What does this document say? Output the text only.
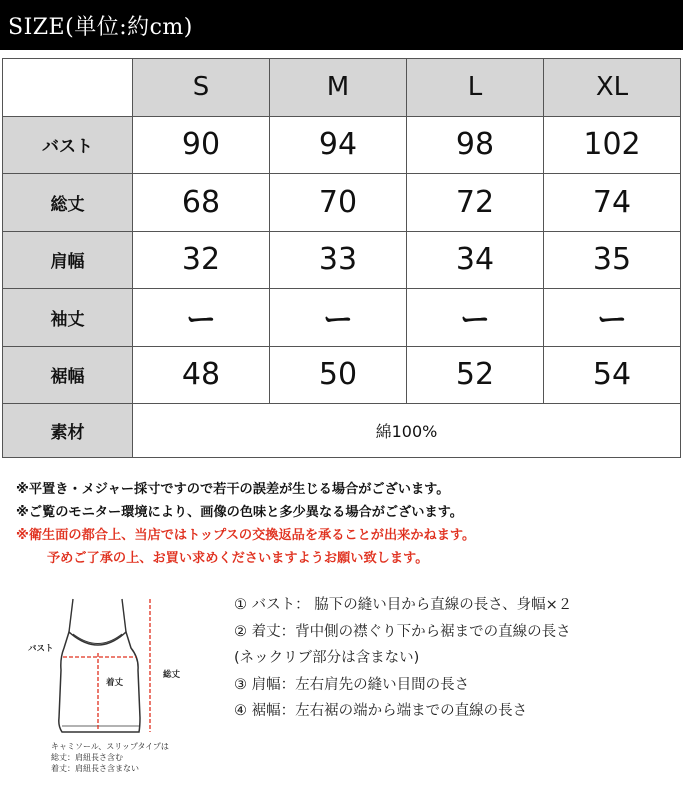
SIZE(単位:約cm)
	S	M	L	XL
バスト	90	94	98	102
総丈	68	70	72	74
肩幅	32	33	34	35
袖丈	ー	ー	ー	ー
裾幅	48	50	52	54
素材	綿100%			
※平置き・メジャー採寸ですので若干の誤差が生じる場合がございます。
※ご覧のモニター環境により、画像の色味と多少異なる場合がございます。
※衛生面の都合上、当店ではトップスの交換返品を承ることが出来かねます。
予めご了承の上、お買い求めくださいますようお願い致します。
バスト
着丈
総丈
キャミソール、スリップタイプは
総丈：肩紐長さ含む
着丈：肩紐長さ含まない

① バスト： 脇下の縫い目から直線の長さ、身幅×２

② 着丈：背中側の襟ぐり下から裾までの直線の長さ

(ネックリブ部分は含まない)

③ 肩幅：左右肩先の縫い目間の長さ

④ 裾幅：左右裾の端から端までの直線の長さ
